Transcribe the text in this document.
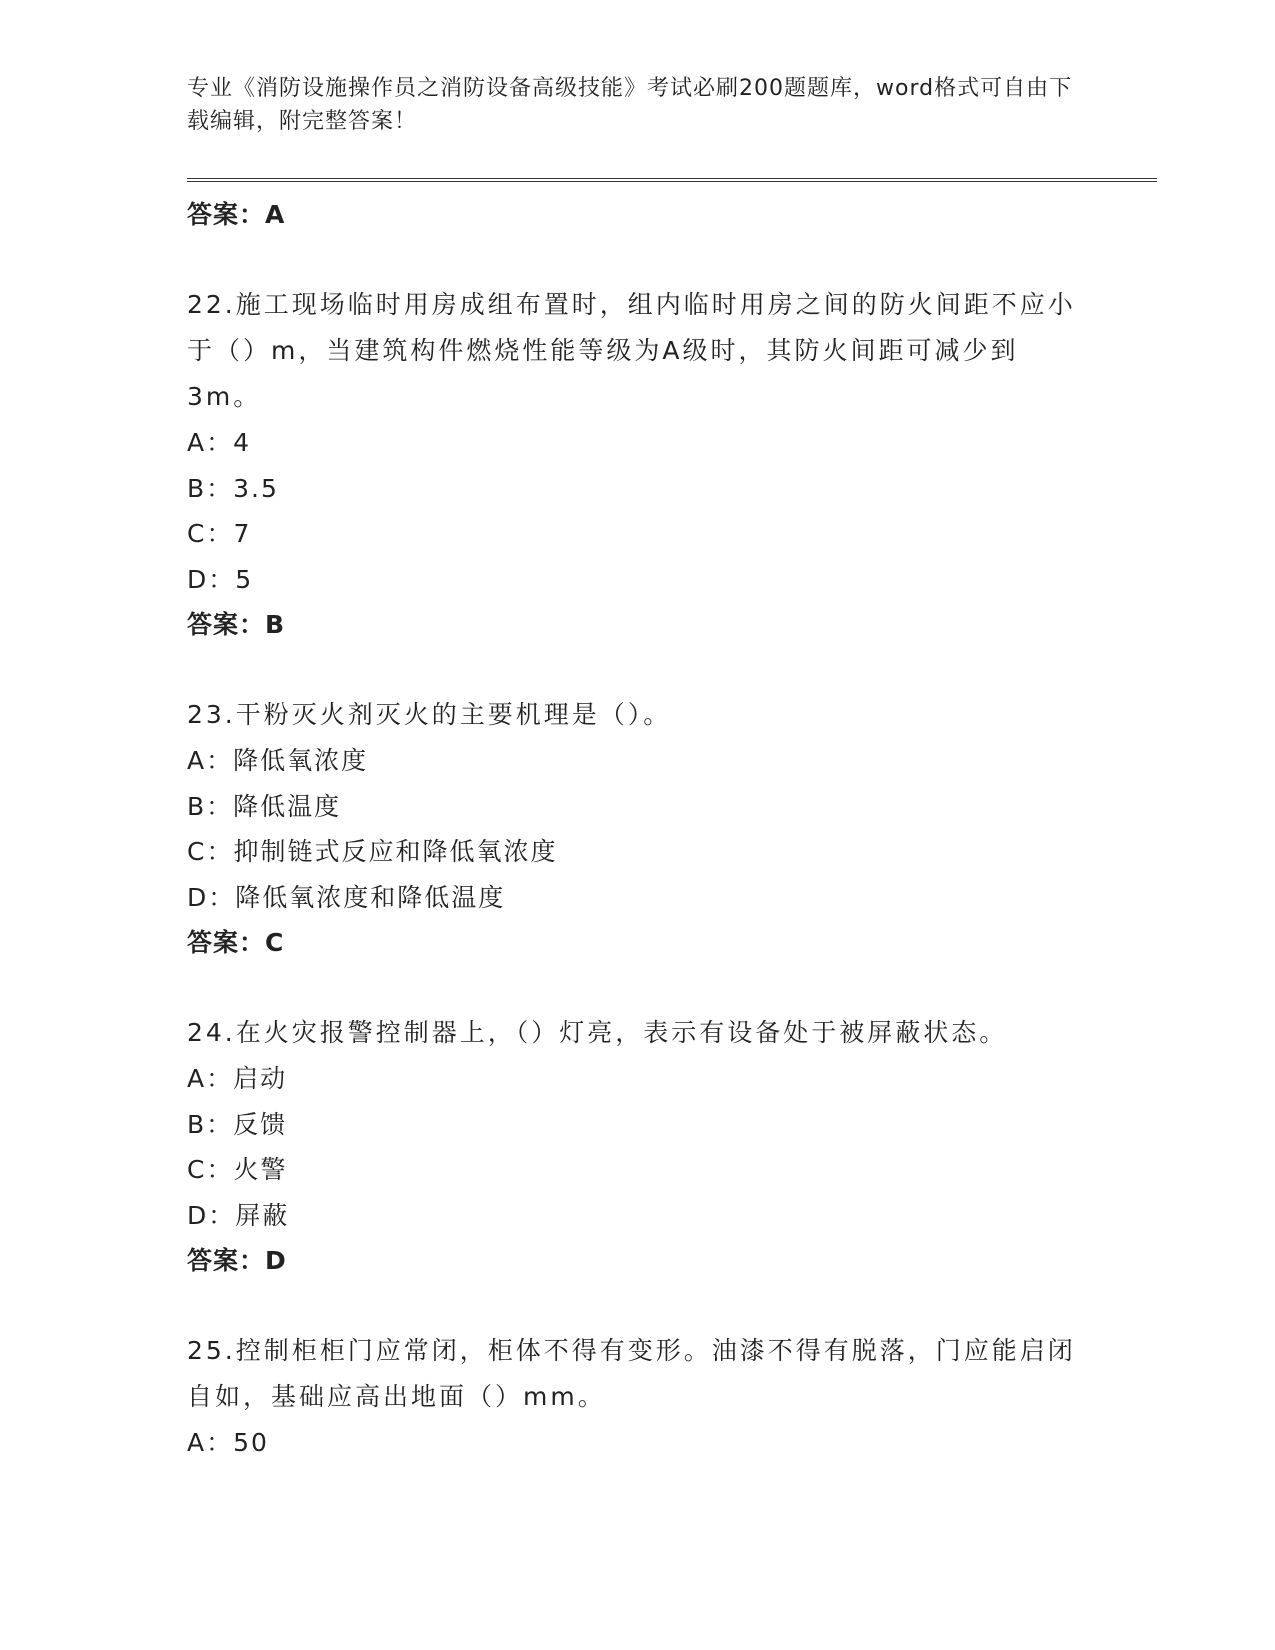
专业《消防设施操作员之消防设备高级技能》考试必刷200题题库，word格式可自由下载编辑，附完整答案！

答案：A

22.施工现场临时用房成组布置时，组内临时用房之间的防火间距不应小于（）m，当建筑构件燃烧性能等级为A级时，其防火间距可减少到3m。

A：4

B：3.5

C：7

D：5

答案：B

23.干粉灭火剂灭火的主要机理是（）。

A：降低氧浓度

B：降低温度

C：抑制链式反应和降低氧浓度

D：降低氧浓度和降低温度

答案：C

24.在火灾报警控制器上，（）灯亮，表示有设备处于被屏蔽状态。

A：启动

B：反馈

C：火警

D：屏蔽

答案：D

25.控制柜柜门应常闭，柜体不得有变形。油漆不得有脱落，门应能启闭自如，基础应高出地面（）mm。

A：50
